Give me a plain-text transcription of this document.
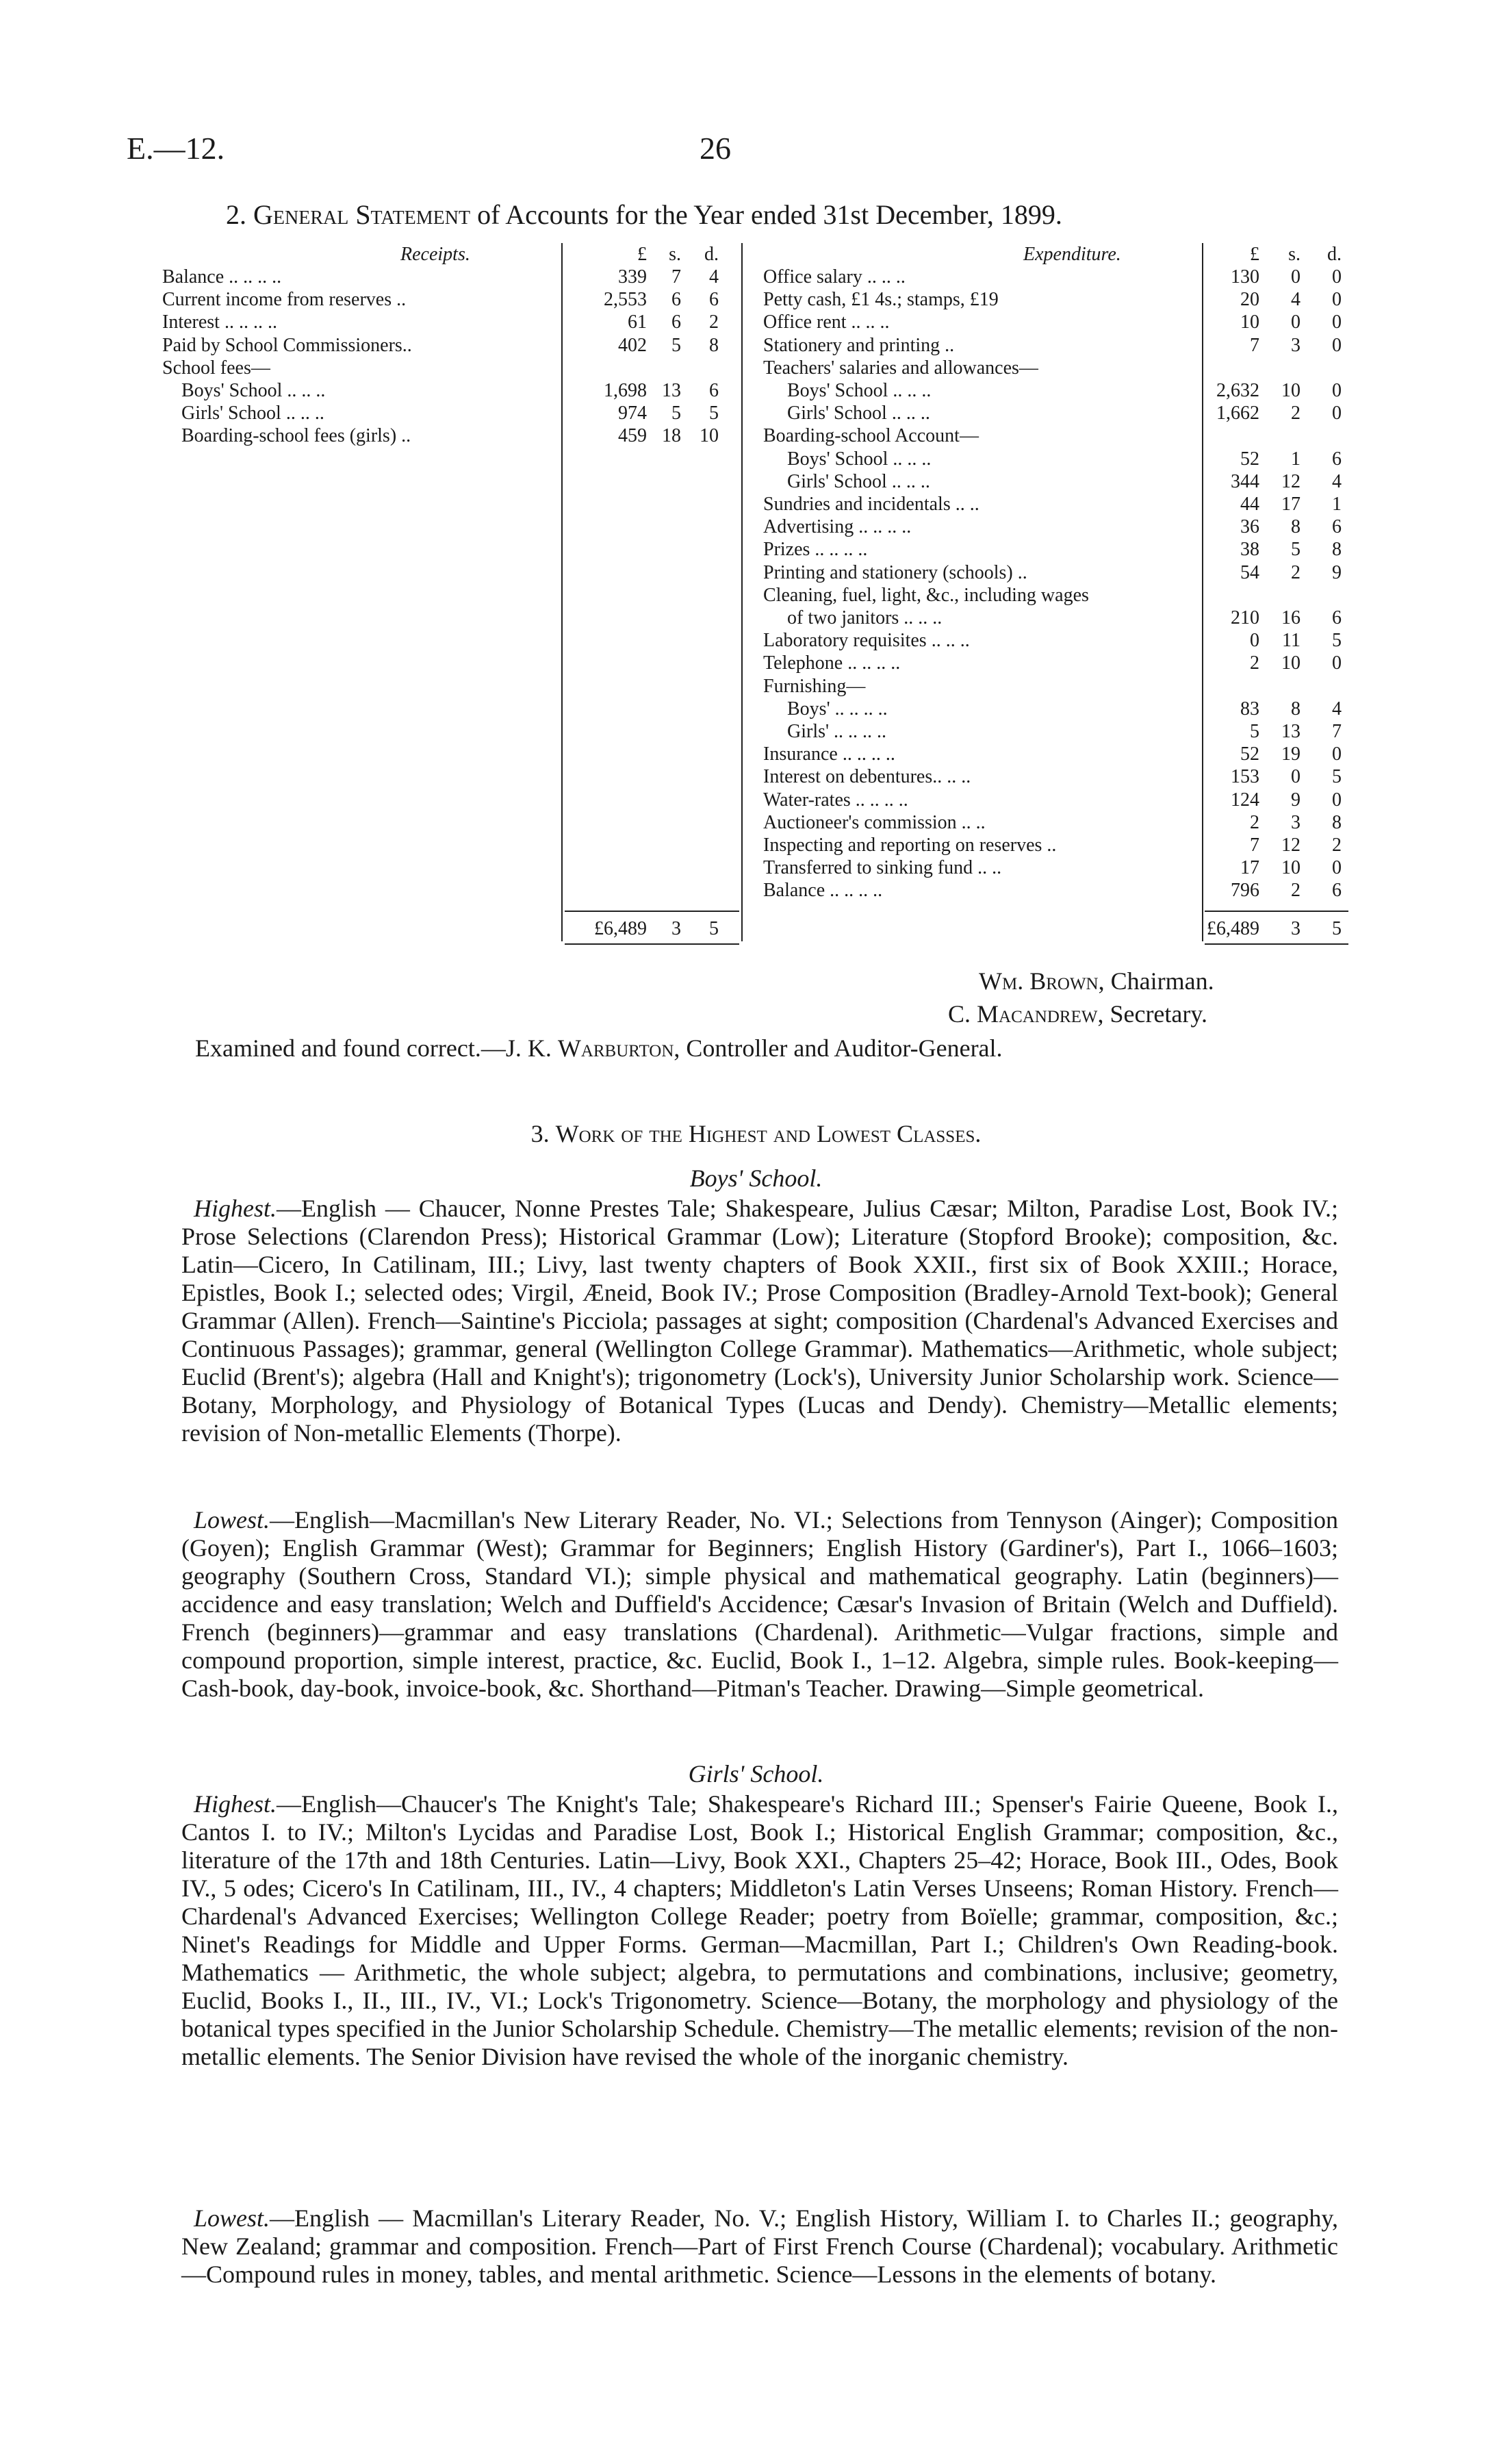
E.—12.	26
2. General Statement of Accounts for the Year ended 31st December, 1899.
Receipts.	£	s.	d.	Expenditure.	£	s.	d.
Balance .. .. .. ..	339	7	4
Current income from reserves ..	2,553	6	6
Interest .. .. .. ..	61	6	2
Paid by School Commissioners..	402	5	8
School fees—
Boys' School .. .. ..	1,698 13	6
Girls' School .. .. ..	974	5	5
Boarding-school fees (girls) ..	459 18 10
Office salary .. .. ..	130	0	0
Petty cash, £1 4s.; stamps, £19	20	4	0
Office rent .. .. ..	10	0	0
Stationery and printing ..	7	3	0
Teachers' salaries and allowances—
Boys' School .. .. ..	2,632	10	0
Girls' School .. .. ..	1,662	2	0
Boarding-school Account—
Boys' School .. .. ..	52	1	6
Girls' School .. .. ..	344	12	4
Sundries and incidentals .. ..	44	17	1
Advertising .. .. .. ..	36	8	6
Prizes .. .. .. ..	38	5	8
Printing and stationery (schools) ..	54	2	9
Cleaning, fuel, light, &c., including wages
of two janitors .. .. ..	210	16	6
Laboratory requisites .. .. ..	0	11	5
Telephone .. .. .. ..	2	10	0
Furnishing—
Boys' .. .. .. ..	83	8	4
Girls' .. .. .. ..	5	13	7
Insurance .. .. .. ..	52	19	0
Interest on debentures.. .. ..	153	0	5
Water-rates .. .. .. ..	124	9	0
Auctioneer's commission .. ..	2	3	8
Inspecting and reporting on reserves ..	7	12	2
Transferred to sinking fund .. ..	17	10	0
Balance .. .. .. ..	796	2	6
£6,489	3	5	£6,489	3	5
Wm. Brown, Chairman.
C. Macandrew, Secretary.
Examined and found correct.—J. K. Warburton, Controller and Auditor-General.
3. Work of the Highest and Lowest Classes.
Boys' School.

Highest.—English — Chaucer, Nonne Prestes Tale; Shakespeare, Julius Cæsar; Milton, Paradise Lost, Book IV.; Prose Selections (Clarendon Press); Historical Grammar (Low); Literature (Stopford Brooke); composition, &c. Latin—Cicero, In Catilinam, III.; Livy, last twenty chapters of Book XXII., first six of Book XXIII.; Horace, Epistles, Book I.; selected odes; Virgil, Æneid, Book IV.; Prose Composition (Bradley-Arnold Text-book); General Grammar (Allen). French—Saintine's Picciola; passages at sight; composition (Chardenal's Advanced Exercises and Continuous Passages); grammar, general (Wellington College Grammar). Mathematics—Arithmetic, whole subject; Euclid (Brent's); algebra (Hall and Knight's); trigonometry (Lock's), University Junior Scholarship work. Science—Botany, Morphology, and Physiology of Botanical Types (Lucas and Dendy). Chemistry—Metallic elements; revision of Non-metallic Elements (Thorpe).

Lowest.—English—Macmillan's New Literary Reader, No. VI.; Selections from Tennyson (Ainger); Composition (Goyen); English Grammar (West); Grammar for Beginners; English History (Gardiner's), Part I., 1066–1603; geography (Southern Cross, Standard VI.); simple physical and mathematical geography. Latin (beginners)—accidence and easy translation; Welch and Duffield's Accidence; Cæsar's Invasion of Britain (Welch and Duffield). French (beginners)—grammar and easy translations (Chardenal). Arithmetic—Vulgar fractions, simple and compound proportion, simple interest, practice, &c. Euclid, Book I., 1–12. Algebra, simple rules. Book-keeping—Cash-book, day-book, invoice-book, &c. Shorthand—Pitman's Teacher. Drawing—Simple geometrical.

Girls' School.

Highest.—English—Chaucer's The Knight's Tale; Shakespeare's Richard III.; Spenser's Fairie Queene, Book I., Cantos I. to IV.; Milton's Lycidas and Paradise Lost, Book I.; Historical English Grammar; composition, &c., literature of the 17th and 18th Centuries. Latin—Livy, Book XXI., Chapters 25–42; Horace, Book III., Odes, Book IV., 5 odes; Cicero's In Catilinam, III., IV., 4 chapters; Middleton's Latin Verses Unseens; Roman History. French—Chardenal's Advanced Exercises; Wellington College Reader; poetry from Boïelle; grammar, composition, &c.; Ninet's Readings for Middle and Upper Forms. German—Macmillan, Part I.; Children's Own Reading-book. Mathematics — Arithmetic, the whole subject; algebra, to permutations and combinations, inclusive; geometry, Euclid, Books I., II., III., IV., VI.; Lock's Trigonometry. Science—Botany, the morphology and physiology of the botanical types specified in the Junior Scholarship Schedule. Chemistry—The metallic elements; revision of the non-metallic elements. The Senior Division have revised the whole of the inorganic chemistry.

Lowest.—English — Macmillan's Literary Reader, No. V.; English History, William I. to Charles II.; geography, New Zealand; grammar and composition. French—Part of First French Course (Chardenal); vocabulary. Arithmetic—Compound rules in money, tables, and mental arithmetic. Science—Lessons in the elements of botany.
